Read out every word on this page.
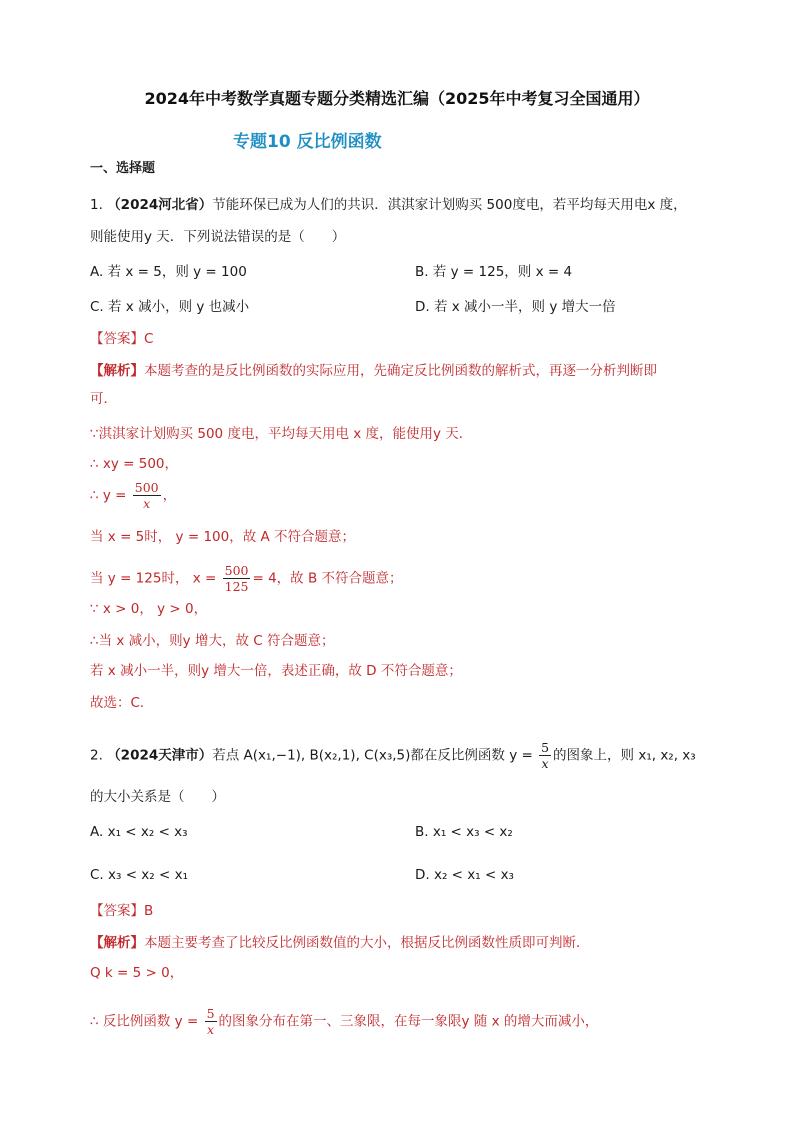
2024年中考数学真题专题分类精选汇编（2025年中考复习全国通用）
专题10 反比例函数
一、选择题
1. （2024河北省）节能环保已成为人们的共识．淇淇家计划购买 500度电，若平均每天用电x 度，
则能使用y 天．下列说法错误的是（　　）
A. 若 x = 5，则 y = 100	B. 若 y = 125，则 x = 4
C. 若 x 减小，则 y 也减小	D. 若 x 减小一半，则 y 增大一倍
【答案】C
【解析】本题考查的是反比例函数的实际应用，先确定反比例函数的解析式，再逐一分析判断即
可．
∵淇淇家计划购买 500 度电，平均每天用电 x 度，能使用y 天．
∴ xy = 500，
∴ $y = \frac{500}{x}$ ，
当 x = 5时， y = 100，故 A 不符合题意；
当 y = 125时， $x = \frac{500}{125} = 4$，故 B 不符合题意；
∵ x > 0， y > 0，
∴当 x 减小，则y 增大，故 C 符合题意；
若 x 减小一半，则y 增大一倍，表述正确，故 D 不符合题意；
故选：C．
2. （2024天津市）若点 A(x₁,−1), B(x₂,1), C(x₃,5)都在反比例函数 $y = \frac{5}{x}$ 的图象上，则 x₁, x₂, x₃
的大小关系是（　　）
A. x₁ < x₂ < x₃	B. x₁ < x₃ < x₂
C. x₃ < x₂ < x₁	D. x₂ < x₁ < x₃
【答案】B
【解析】本题主要考查了比较反比例函数值的大小，根据反比例函数性质即可判断．
Q k = 5 > 0，
∴ 反比例函数 $y = \frac{5}{x}$ 的图象分布在第一、三象限，在每一象限y 随 x 的增大而减小，
